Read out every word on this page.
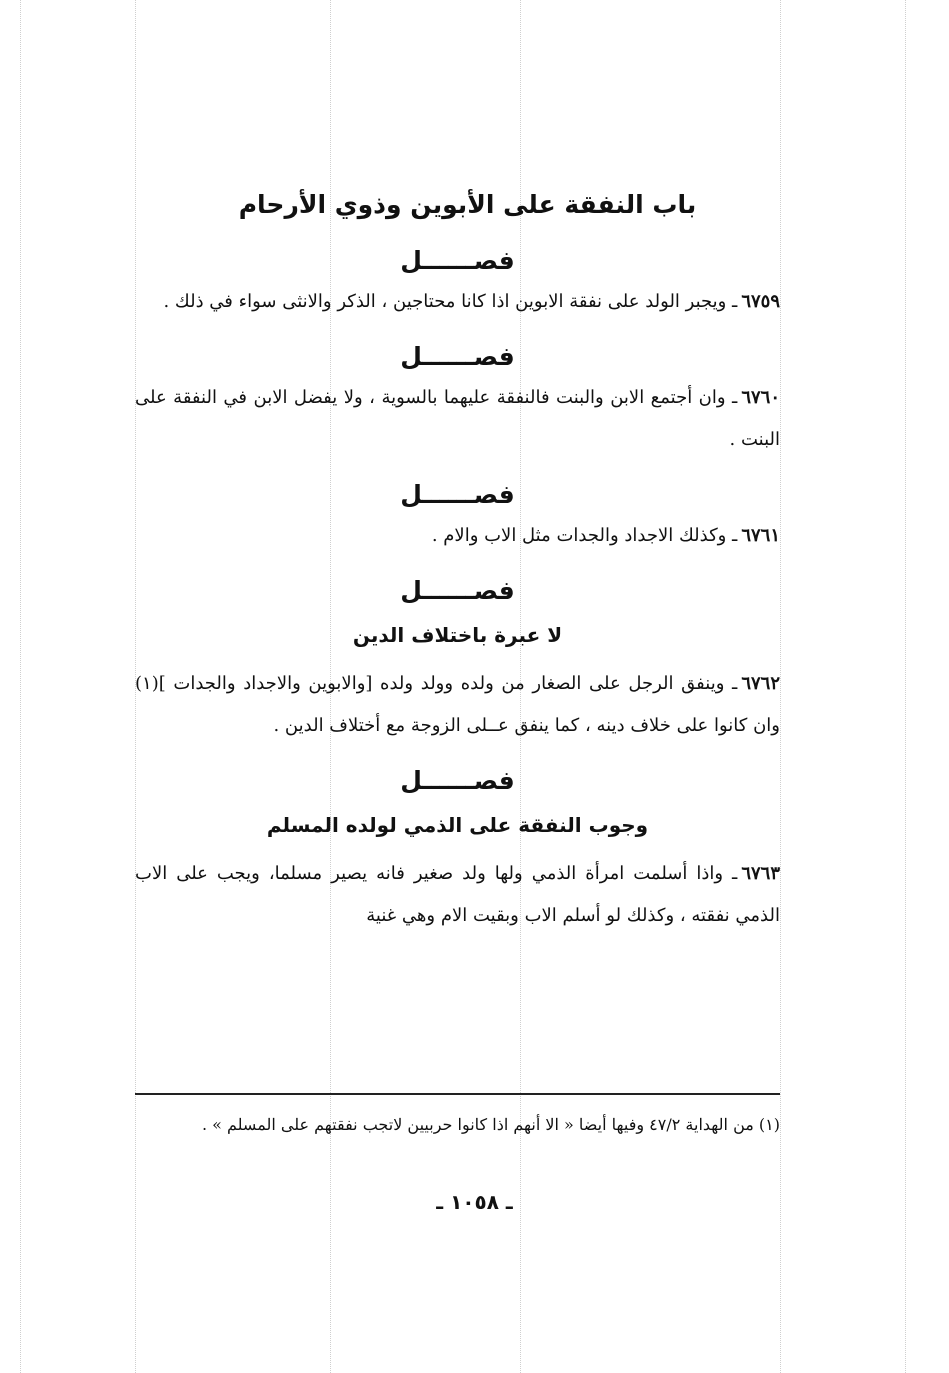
باب النفقة على الأبوين وذوي الأرحام
فصــــــل

٦٧٥٩ـ ويجبر الولد على نفقة الابوين اذا كانا محتاجين ، الذكر والانثى سواء في ذلك .

فصــــــل

٦٧٦٠ـ وان أجتمع الابن والبنت فالنفقة عليهما بالسوية ، ولا يفضل الابن في النفقة على البنت .

فصــــــل

٦٧٦١ـ وكذلك الاجداد والجدات مثل الاب والام .

فصــــــل
لا عبرة باختلاف الدين

٦٧٦٢ـ وينفق الرجل على الصغار من ولده وولد ولده [والابوين والاجداد والجدات ](١) وان كانوا على خلاف دينه ، كما ينفق عــلى الزوجة مع أختلاف الدين .

فصــــــل
وجوب النفقة على الذمي لولده المسلم

٦٧٦٣ـ واذا أسلمت امرأة الذمي ولها ولد صغير فانه يصير مسلما، ويجب على الاب الذمي نفقته ، وكذلك لو أسلم الاب وبقيت الام وهي غنية

(١) من الهداية ٤٧/٢ وفيها أيضا « الا أنهم اذا كانوا حربيين لاتجب نفقتهم على المسلم » .
ـ ١٠٥٨ ـ
